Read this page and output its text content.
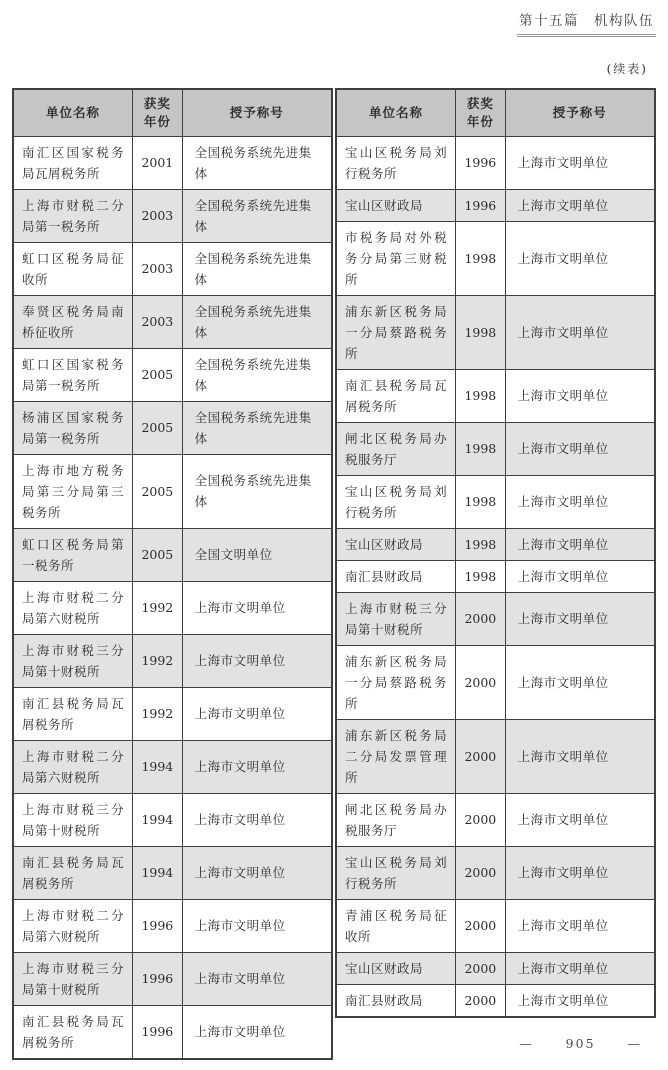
第十五篇　机构队伍
(续表)
单位名称	获奖 年份	授予称号
南汇区国家税务局瓦屑税务所	2001	全国税务系统先进集体
上海市财税二分局第一税务所	2003	全国税务系统先进集体
虹口区税务局征收所	2003	全国税务系统先进集体
奉贤区税务局南桥征收所	2003	全国税务系统先进集体
虹口区国家税务局第一税务所	2005	全国税务系统先进集体
杨浦区国家税务局第一税务所	2005	全国税务系统先进集体
上海市地方税务局第三分局第三税务所	2005	全国税务系统先进集体
虹口区税务局第一税务所	2005	全国文明单位
上海市财税二分局第六财税所	1992	上海市文明单位
上海市财税三分局第十财税所	1992	上海市文明单位
南汇县税务局瓦屑税务所	1992	上海市文明单位
上海市财税二分局第六财税所	1994	上海市文明单位
上海市财税三分局第十财税所	1994	上海市文明单位
南汇县税务局瓦屑税务所	1994	上海市文明单位
上海市财税二分局第六财税所	1996	上海市文明单位
上海市财税三分局第十财税所	1996	上海市文明单位
南汇县税务局瓦屑税务所	1996	上海市文明单位
单位名称	获奖 年份	授予称号
宝山区税务局刘行税务所	1996	上海市文明单位
宝山区财政局	1996	上海市文明单位
市税务局对外税务分局第三财税所	1998	上海市文明单位
浦东新区税务局一分局蔡路税务所	1998	上海市文明单位
南汇县税务局瓦屑税务所	1998	上海市文明单位
闸北区税务局办税服务厅	1998	上海市文明单位
宝山区税务局刘行税务所	1998	上海市文明单位
宝山区财政局	1998	上海市文明单位
南汇县财政局	1998	上海市文明单位
上海市财税三分局第十财税所	2000	上海市文明单位
浦东新区税务局一分局蔡路税务所	2000	上海市文明单位
浦东新区税务局二分局发票管理所	2000	上海市文明单位
闸北区税务局办税服务厅	2000	上海市文明单位
宝山区税务局刘行税务所	2000	上海市文明单位
青浦区税务局征收所	2000	上海市文明单位
宝山区财政局	2000	上海市文明单位
南汇县财政局	2000	上海市文明单位
—  905  —
